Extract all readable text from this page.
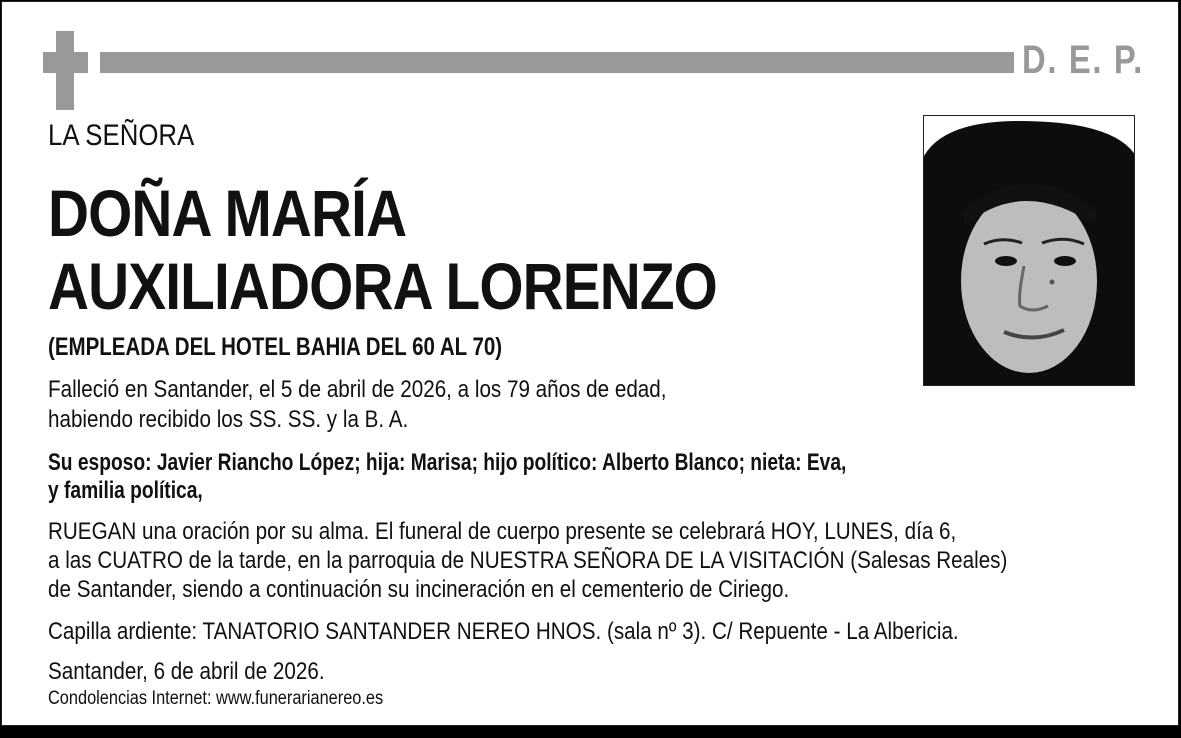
D. E. P.
LA SEÑORA
DOÑA MARÍA
AUXILIADORA LORENZO
(EMPLEADA DEL HOTEL BAHIA DEL 60 AL 70)
Falleció en Santander, el 5 de abril de 2026, a los 79 años de edad,
habiendo recibido los SS. SS. y la B. A.
Su esposo: Javier Riancho López; hija: Marisa; hijo político: Alberto Blanco; nieta: Eva,
y familia política,
RUEGAN una oración por su alma. El funeral de cuerpo presente se celebrará HOY, LUNES, día 6,
a las CUATRO de la tarde, en la parroquia de NUESTRA SEÑORA DE LA VISITACIÓN (Salesas Reales)
de Santander, siendo a continuación su incineración en el cementerio de Ciriego.
Capilla ardiente: TANATORIO SANTANDER NEREO HNOS. (sala nº 3). C/ Repuente - La Albericia.
Santander, 6 de abril de 2026.
Condolencias Internet: www.funerarianereo.es
